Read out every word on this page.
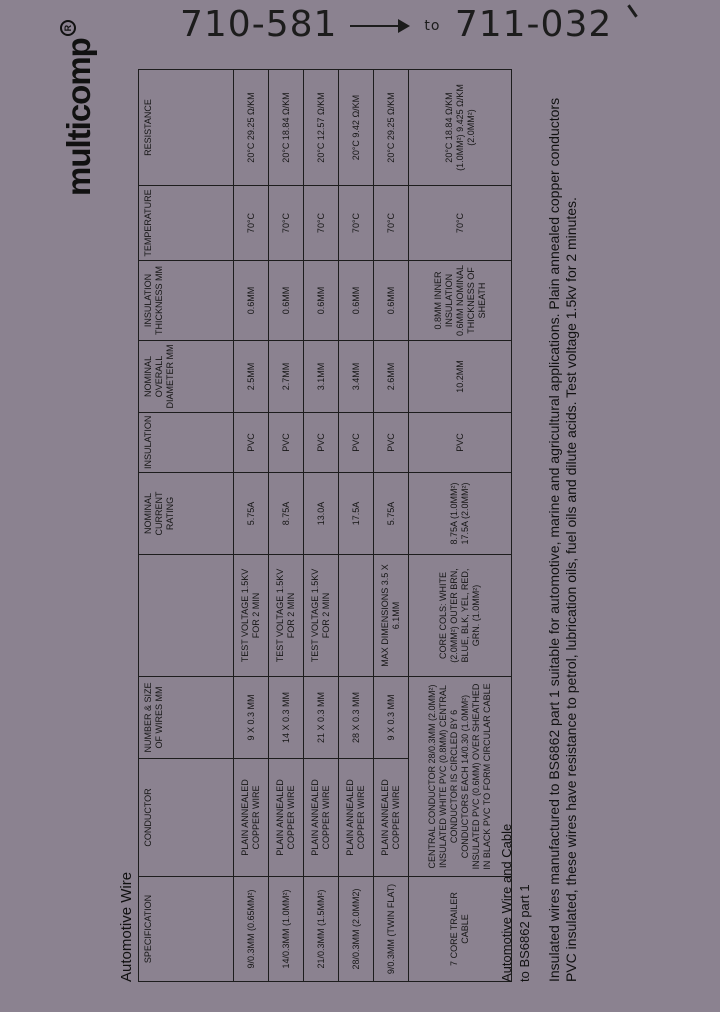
710-581	to 711-032
multicompR
Automotive Wire SPECIFICATION	CONDUCTOR	NUMBER & SIZE OF WIRES MM		NOMINAL CURRENT RATING	INSULATION	NOMINAL OVERALL DIAMETER MM	INSULATION THICKNESS MM	TEMPERATURE	RESISTANCE
9/0.3MM (0.65MM²)	PLAIN ANNEALED COPPER WIRE	9 X 0.3 MM	TEST VOLTAGE 1.5KV FOR 2 MIN	5.75A	PVC	2.5MM	0.6MM	70°C	20°C 29.25 Ω/KM
14/0.3MM (1.0MM²)	PLAIN ANNEALED COPPER WIRE	14 X 0.3 MM	TEST VOLTAGE 1.5KV FOR 2 MIN	8.75A	PVC	2.7MM	0.6MM	70°C	20°C 18.84 Ω/KM
21/0.3MM (1.5MM²)	PLAIN ANNEALED COPPER WIRE	21 X 0.3 MM	TEST VOLTAGE 1.5KV FOR 2 MIN	13.0A	PVC	3.1MM	0.6MM	70°C	20°C 12.57 Ω/KM
28/0.3MM (2.0MM2)	PLAIN ANNEALED COPPER WIRE	28 X 0.3 MM		17.5A	PVC	3.4MM	0.6MM	70°C	20°C 9.42 Ω/KM
9/0.3MM (TWIN FLAT)	PLAIN ANNEALED COPPER WIRE	9 X 0.3 MM	MAX DIMENSIONS 3.5 X 6.1MM	5.75A	PVC	2.6MM	0.6MM	70°C	20°C 29.25 Ω/KM
7 CORE TRAILER CABLE	CENTRAL CONDUCTOR 28/0.3MM (2.0MM²) INSULATED WHITE PVC (0.8MM) CENTRAL CONDUCTOR IS CIRCLED BY 6 CONDUCTORS EACH 14/0.30 (1.0MM²) INSULATED PVC (0.6MM) OVER SHEATHED IN BLACK PVC TO FORM CIRCULAR CABLE		CORE COLS: WHITE (2.0MM²) OUTER BRN, BLUE, BLK, YEL, RED, GRN. (1.0MM²)	8.75A (1.0MM²) 17.5A (2.0MM²)	PVC	10.2MM	0.8MM INNER INSULATION 0.6MM NOMINAL THICKNESS OF SHEATH	70°C	20°C 18.84 Ω/KM (1.0MM²) 9.425 Ω/KM (2.0MM²)
Automotive Wire and Cable to BS6862 part 1 Insulated wires manufactured to BS6862 part 1 suitable for automotive, marine and agricultural applications. Plain annealed copper conductors PVC insulated, these wires have resistance to petrol, lubrication oils, fuel oils and dilute acids. Test voltage 1.5kv for 2 minutes.
